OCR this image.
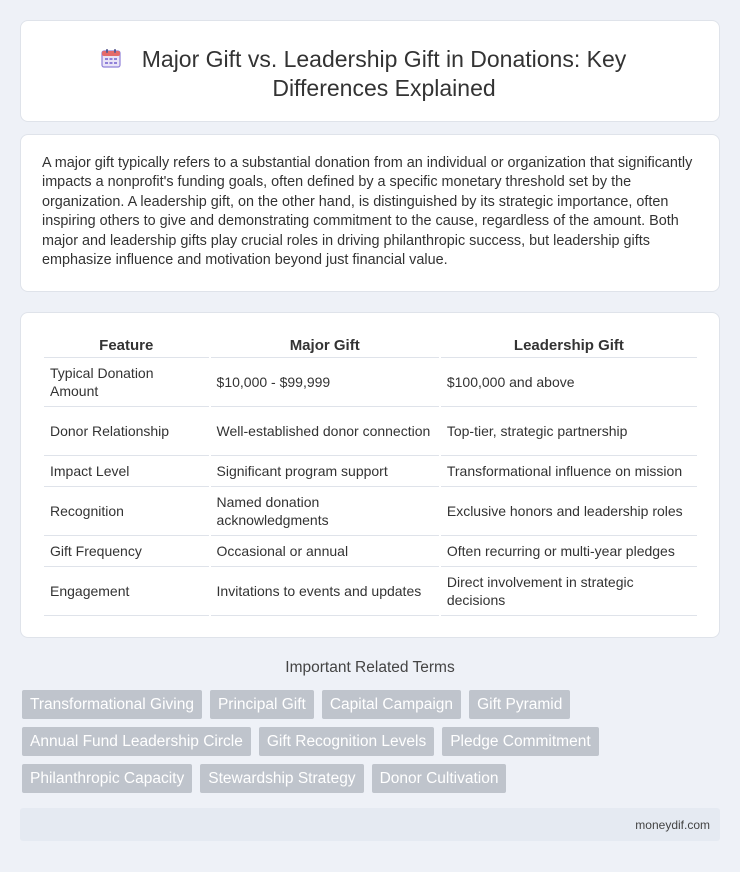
Major Gift vs. Leadership Gift in Donations: Key Differences Explained

A major gift typically refers to a substantial donation from an individual or organization that significantly impacts a nonprofit's funding goals, often defined by a specific monetary threshold set by the organization. A leadership gift, on the other hand, is distinguished by its strategic importance, often inspiring others to give and demonstrating commitment to the cause, regardless of the amount. Both major and leadership gifts play crucial roles in driving philanthropic success, but leadership gifts emphasize influence and motivation beyond just financial value.

Feature	Major Gift	Leadership Gift
Typical Donation Amount	$10,000 - $99,999	$100,000 and above
Donor Relationship	Well-established donor connection	Top-tier, strategic partnership
Impact Level	Significant program support	Transformational influence on mission
Recognition	Named donation acknowledgments	Exclusive honors and leadership roles
Gift Frequency	Occasional or annual	Often recurring or multi-year pledges
Engagement	Invitations to events and updates	Direct involvement in strategic decisions
Important Related Terms
Transformational Giving	Principal Gift	Capital Campaign	Gift Pyramid
Annual Fund Leadership Circle	Gift Recognition Levels	Pledge Commitment
Philanthropic Capacity	Stewardship Strategy	Donor Cultivation
moneydif.com
